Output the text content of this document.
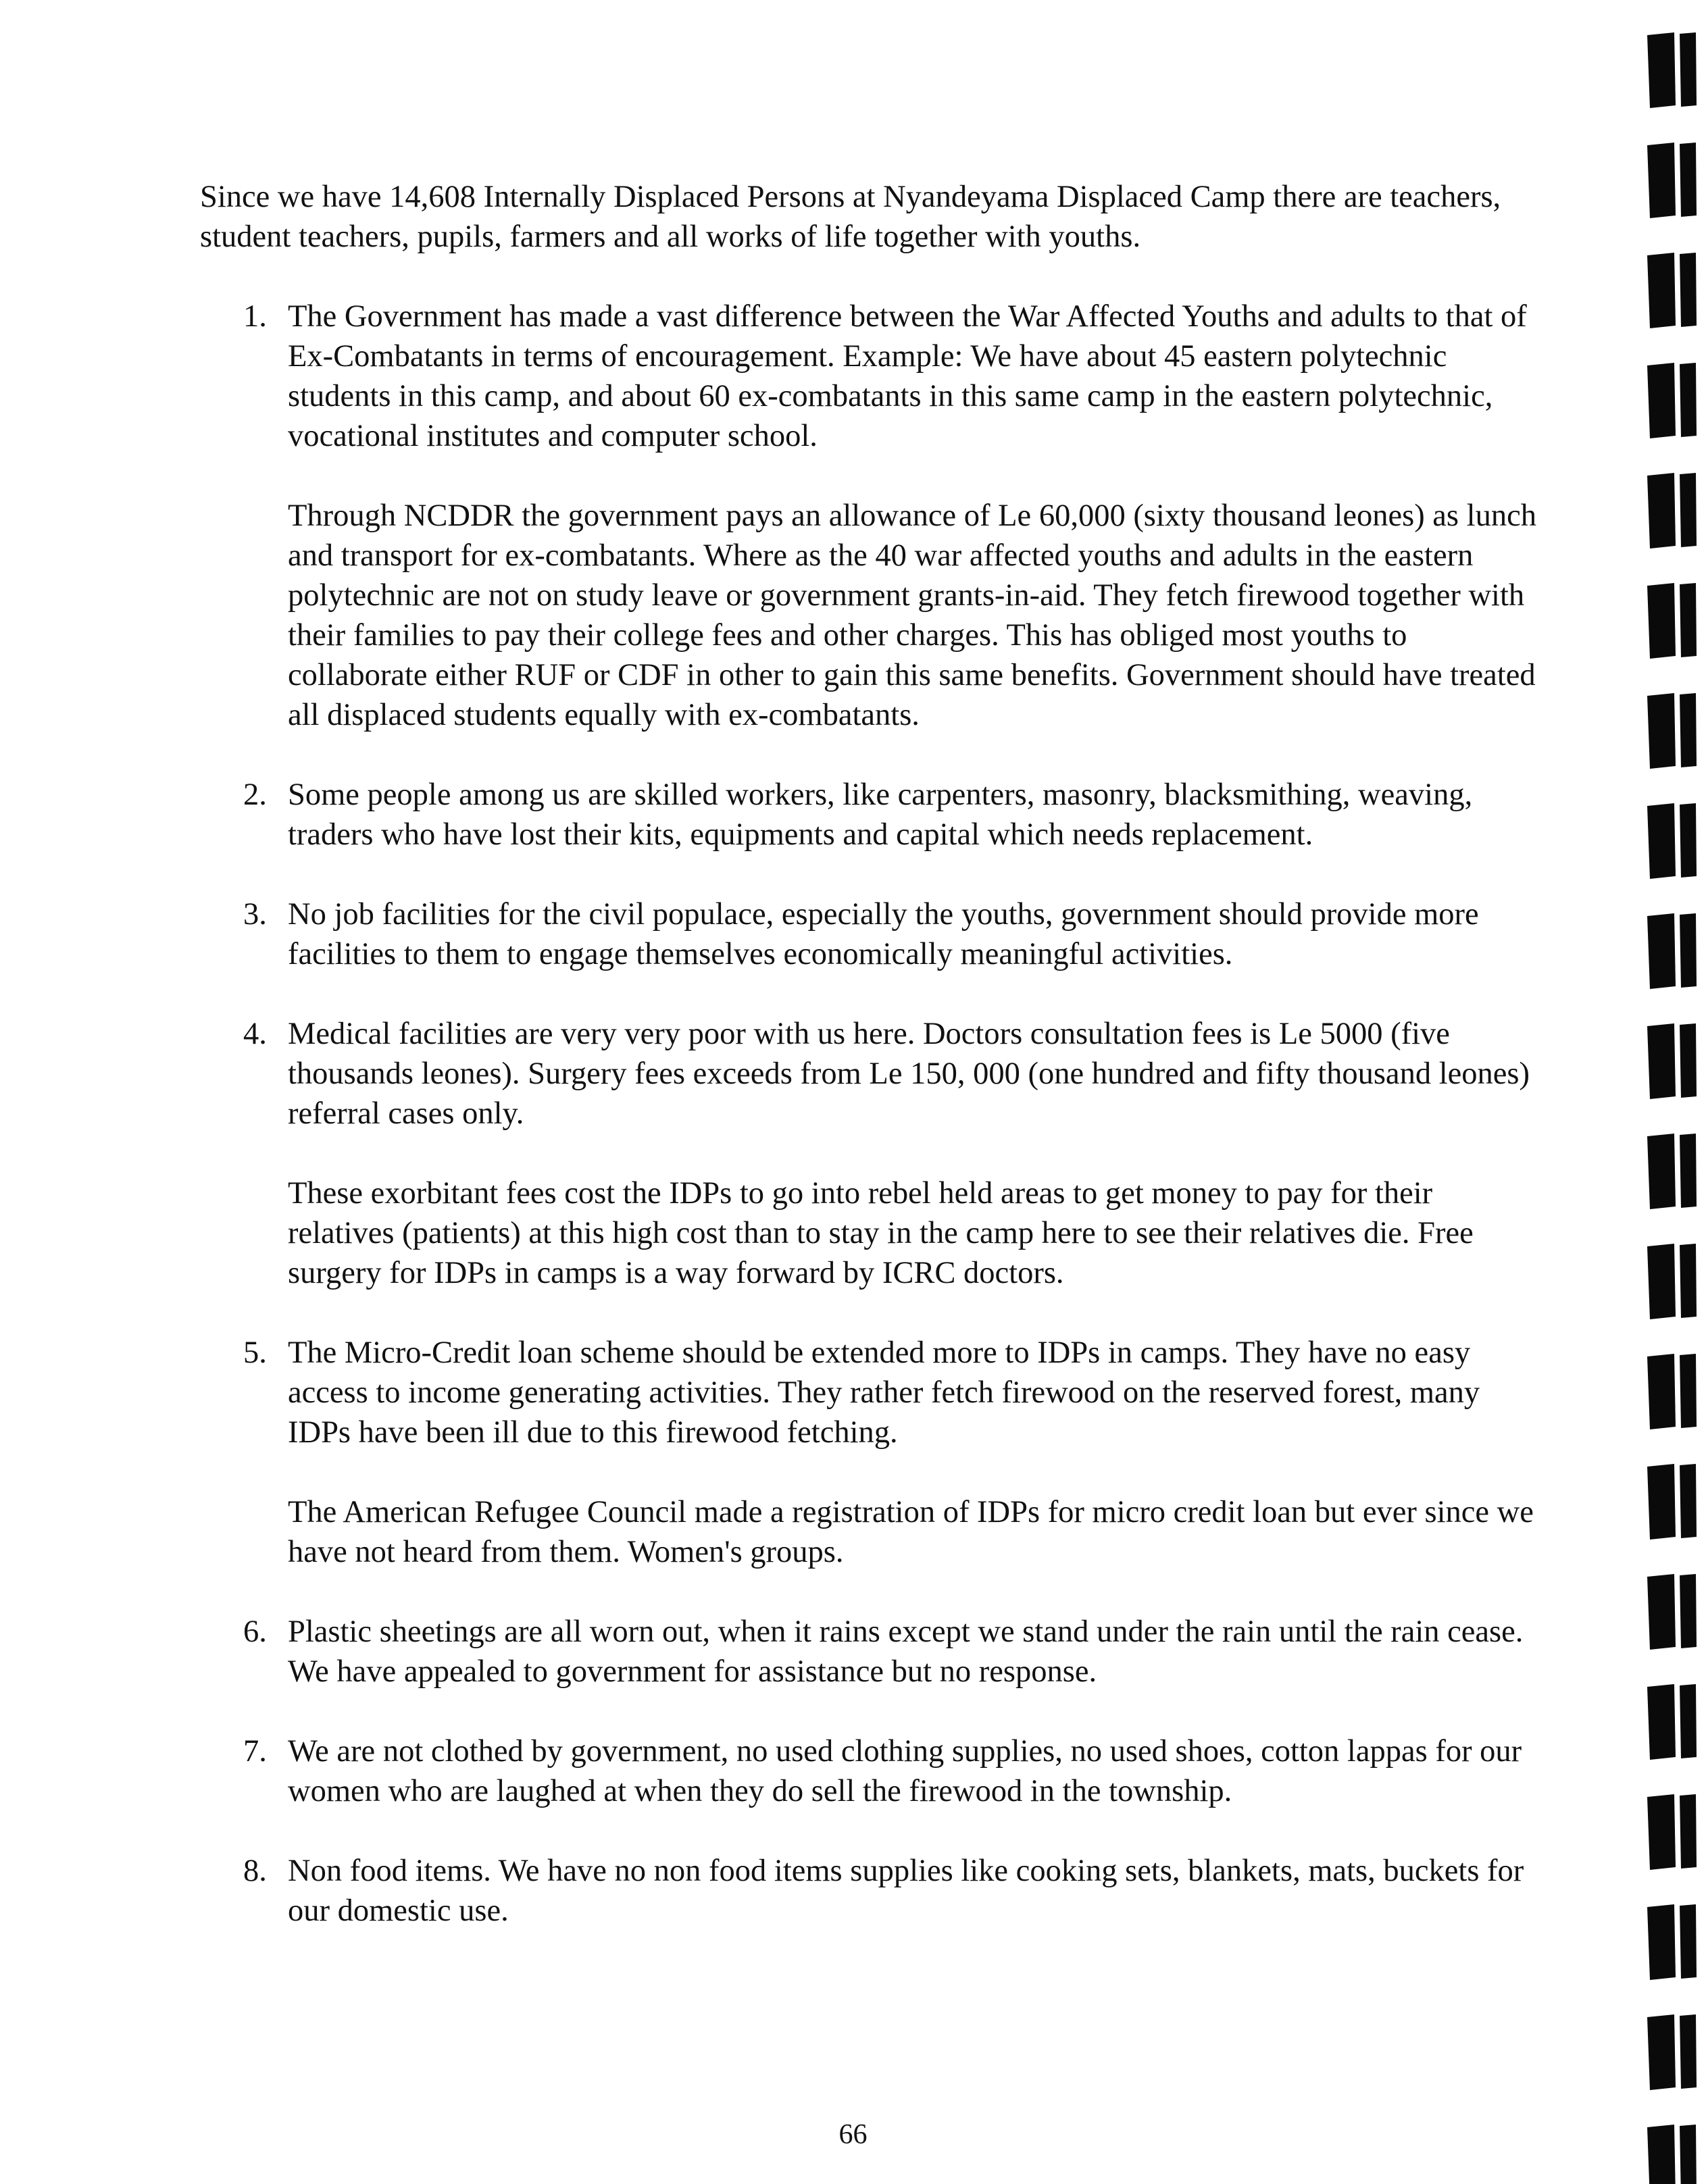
Since we have 14,608 Internally Displaced Persons at Nyandeyama Displaced Camp there are teachers, student teachers, pupils, farmers and all works of life together with youths.

1. The Government has made a vast difference between the War Affected Youths and adults to that of Ex-Combatants in terms of encouragement. Example: We have about 45 eastern polytechnic students in this camp, and about 60 ex-combatants in this same camp in the eastern polytechnic, vocational institutes and computer school.

Through NCDDR the government pays an allowance of Le 60,000 (sixty thousand leones) as lunch and transport for ex-combatants. Where as the 40 war affected youths and adults in the eastern polytechnic are not on study leave or government grants-in-aid. They fetch firewood together with their families to pay their college fees and other charges. This has obliged most youths to collaborate either RUF or CDF in other to gain this same benefits. Government should have treated all displaced students equally with ex-combatants.

2. Some people among us are skilled workers, like carpenters, masonry, blacksmithing, weaving, traders who have lost their kits, equipments and capital which needs replacement.

3. No job facilities for the civil populace, especially the youths, government should provide more facilities to them to engage themselves economically meaningful activities.

4. Medical facilities are very very poor with us here. Doctors consultation fees is Le 5000 (five thousands leones). Surgery fees exceeds from Le 150, 000 (one hundred and fifty thousand leones) referral cases only.

These exorbitant fees cost the IDPs to go into rebel held areas to get money to pay for their relatives (patients) at this high cost than to stay in the camp here to see their relatives die. Free surgery for IDPs in camps is a way forward by ICRC doctors.

5. The Micro-Credit loan scheme should be extended more to IDPs in camps. They have no easy access to income generating activities. They rather fetch firewood on the reserved forest, many IDPs have been ill due to this firewood fetching.

The American Refugee Council made a registration of IDPs for micro credit loan but ever since we have not heard from them. Women's groups.

6. Plastic sheetings are all worn out, when it rains except we stand under the rain until the rain cease. We have appealed to government for assistance but no response.

7. We are not clothed by government, no used clothing supplies, no used shoes, cotton lappas for our women who are laughed at when they do sell the firewood in the township.

8. Non food items. We have no non food items supplies like cooking sets, blankets, mats, buckets for our domestic use.

66
